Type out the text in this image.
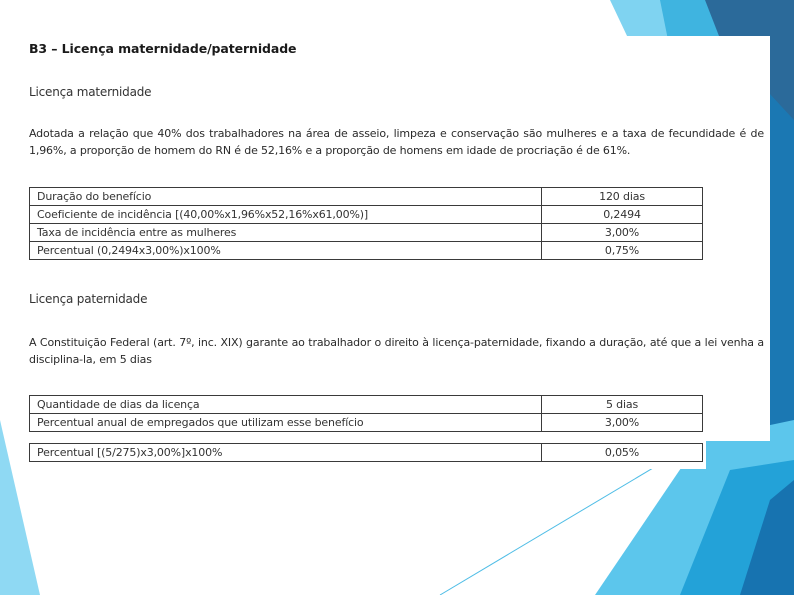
B3 – Licença maternidade/paternidade
Licença maternidade
Adotada a relação que 40% dos trabalhadores na área de asseio, limpeza e conservação são mulheres e a taxa de fecundidade é de 1,96%, a proporção de homem do RN é de 52,16% e a proporção de homens em idade de procriação é de 61%.
Duração do benefício	120 dias
Coeficiente de incidência [(40,00%x1,96%x52,16%x61,00%)]	0,2494
Taxa de incidência entre as mulheres	3,00%
Percentual (0,2494x3,00%)x100%	0,75%
Licença paternidade
A Constituição Federal (art. 7º, inc. XIX) garante ao trabalhador o direito à licença-paternidade, fixando a duração, até que a lei venha a disciplina-la, em 5 dias
Quantidade de dias da licença	5 dias
Percentual anual de empregados que utilizam esse benefício	3,00%
Percentual [(5/275)x3,00%]x100%	0,05%
